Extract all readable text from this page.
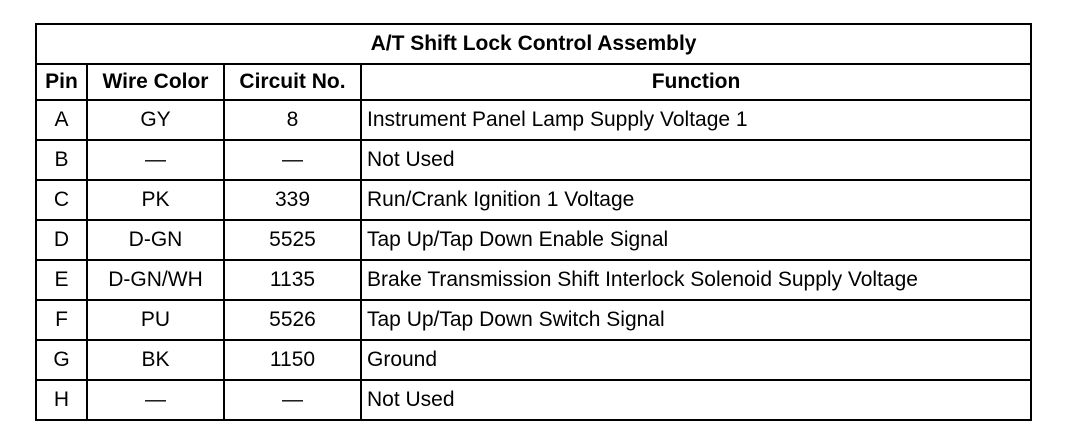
A/T Shift Lock Control Assembly			
Pin	Wire Color	Circuit No.	Function
A	GY	8	Instrument Panel Lamp Supply Voltage 1
B	—	—	Not Used
C	PK	339	Run/Crank Ignition 1 Voltage
D	D-GN	5525	Tap Up/Tap Down Enable Signal
E	D-GN/WH	1135	Brake Transmission Shift Interlock Solenoid Supply Voltage
F	PU	5526	Tap Up/Tap Down Switch Signal
G	BK	1150	Ground
H	—	—	Not Used
